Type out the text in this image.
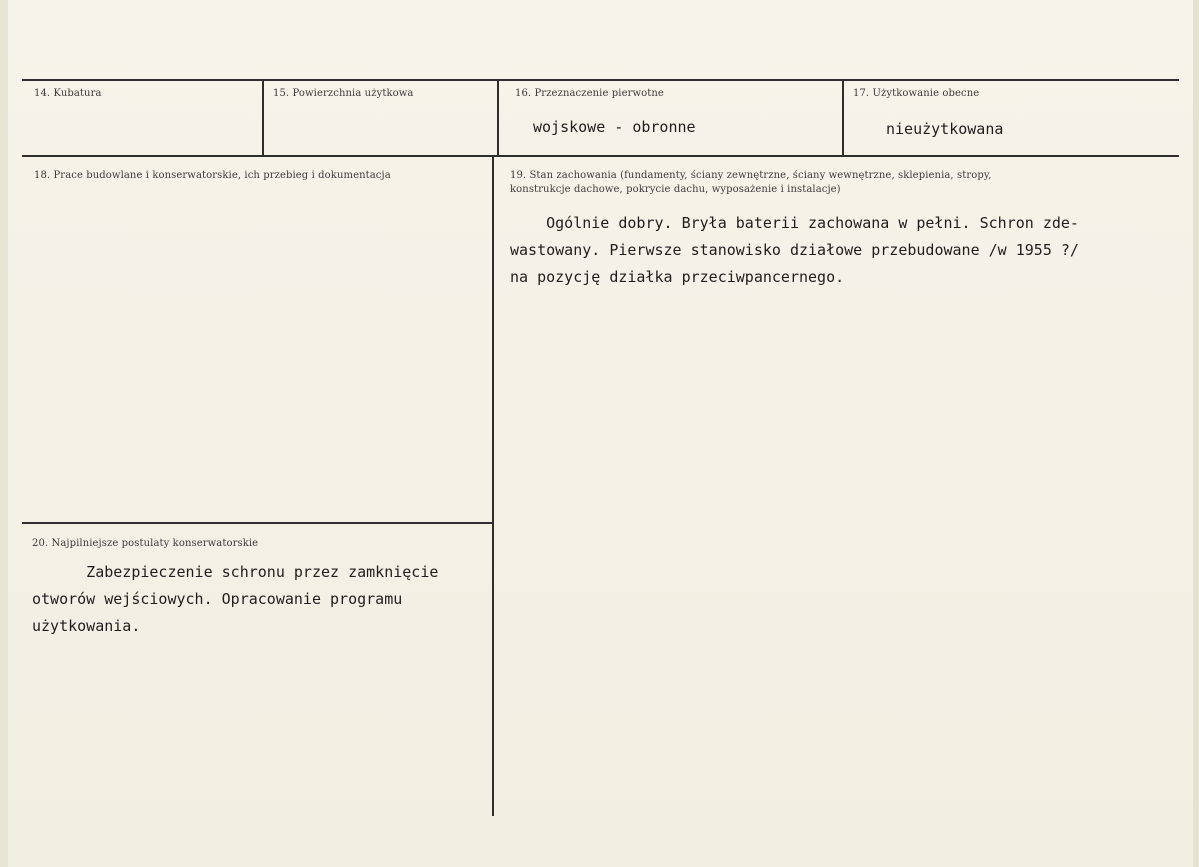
14. Kubatura	15. Powierzchnia użytkowa	16. Przeznaczenie pierwotne
wojskowe - obronne
17. Użytkowanie obecne
nieużytkowana
18. Prace budowlane i konserwatorskie, ich przebieg i dokumentacja	19. Stan zachowania (fundamenty, ściany zewnętrzne, ściany wewnętrzne, sklepienia, stropy,
konstrukcje dachowe, pokrycie dachu, wyposażenie i instalacje)
Ogólnie dobry. Bryła baterii zachowana w pełni. Schron zde-
wastowany. Pierwsze stanowisko działowe przebudowane /w 1955 ?/
na pozycję działka przeciwpancernego.
20. Najpilniejsze postulaty konserwatorskie
Zabezpieczenie schronu przez zamknięcie
otworów wejściowych. Opracowanie programu
użytkowania.
